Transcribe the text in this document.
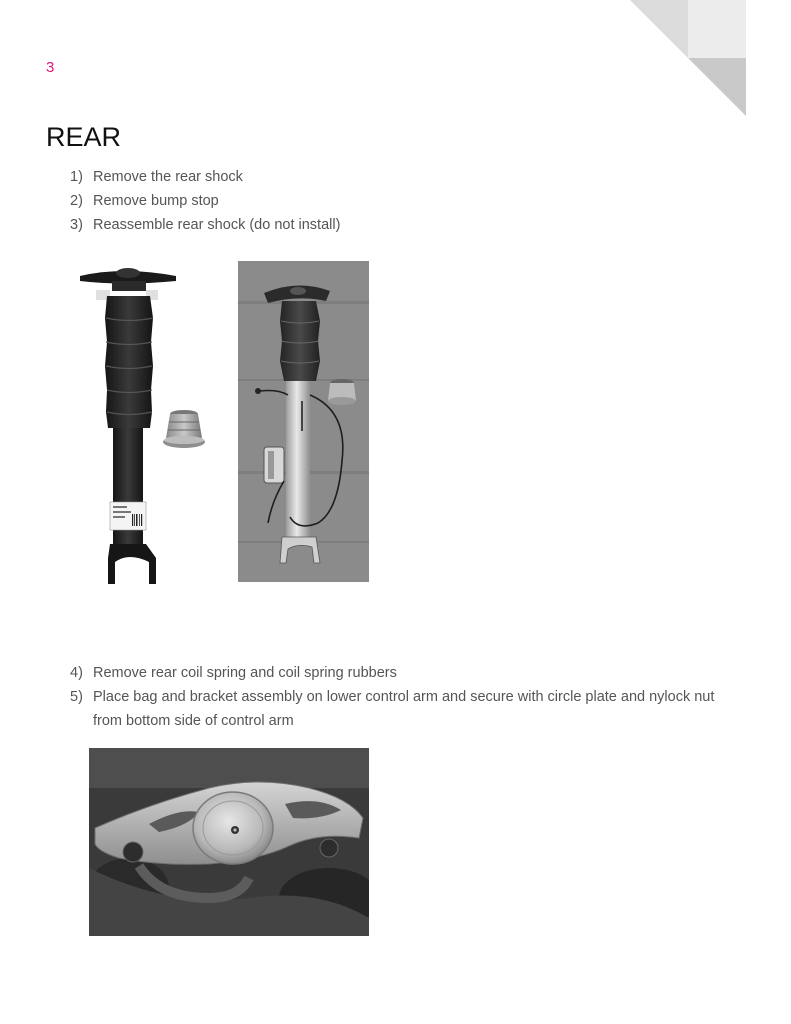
3
REAR
1) Remove the rear shock
2) Remove bump stop
3) Reassemble rear shock (do not install)
4) Remove rear coil spring and coil spring rubbers
5) Place bag and bracket assembly on lower control arm and secure with circle plate and nylock nut from bottom side of control arm
